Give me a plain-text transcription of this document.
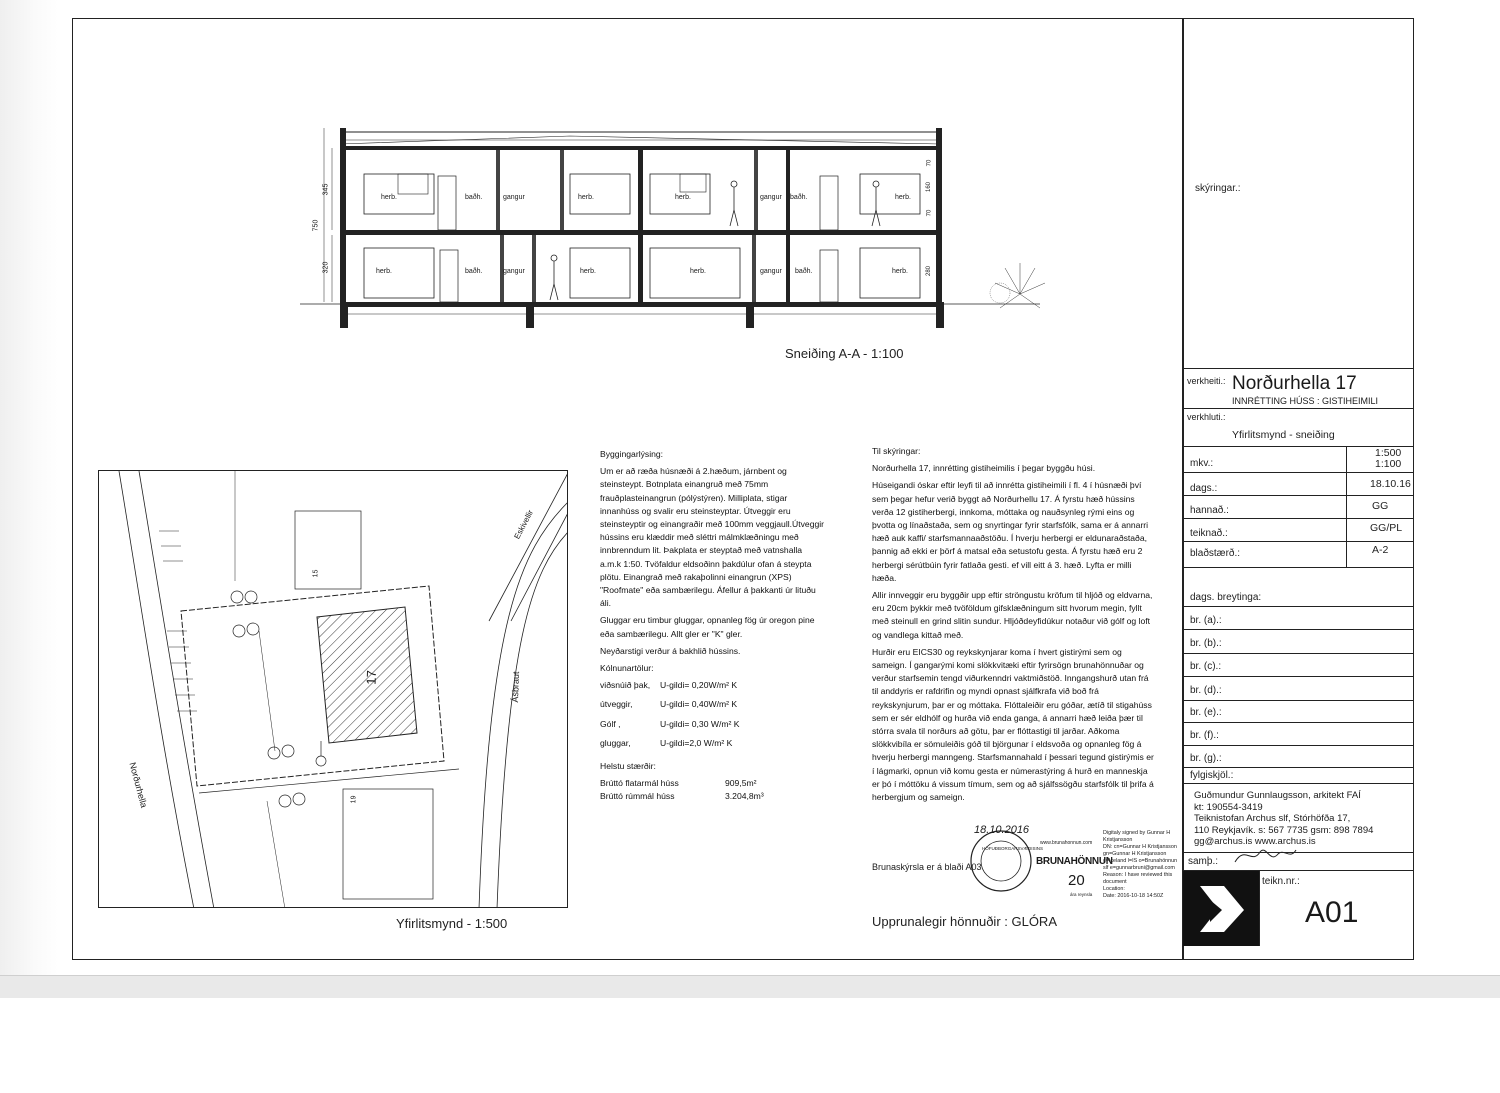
herb.	baðh.	gangur	herb.	herb.	gangur baðh.	herb.
herb.	baðh.	gangur	herb.	herb.	gangur baðh.	herb.
750
345
320
70
160
70
280
Sneiðing A-A - 1:100
Eskivellir
Ásbraut
Norðurhella
15
17
19
Yfirlitsmynd - 1:500

Byggingarlýsing:

Um er að ræða húsnæði á 2.hæðum, járnbent og steinsteypt. Botnplata einangruð með 75mm frauðplasteinangrun (pólýstýren). Milliplata, stigar innanhúss og svalir eru steinsteyptar. Útveggir eru steinsteyptir og einangraðir með 100mm veggjaull.Útveggir hússins eru klæddir með sléttri málmklæðningu með innbrenndum lit. Þakplata er steyptað með vatnshalla a.m.k 1:50. Tvöfaldur eldsoðinn þakdúlur ofan á steypta plötu. Einangrað með rakaþolinni einangrun (XPS) "Roofmate" eða sambærilegu. Áfellur á þakkanti úr lituðu áli.

Gluggar eru timbur gluggar, opnanleg fög úr oregon pine eða sambærilegu. Allt gler er "K" gler.

Neyðarstigi verður á bakhlið hússins.

Kólnunartölur:

viðsnúið þak,	U-gildi= 0,20W/m² K
útveggir,	U-gildi= 0,40W/m² K
Gólf ,	U-gildi= 0,30 W/m² K
gluggar,	U-gildi=2,0 W/m² K

Helstu stærðir:

Brúttó flatarmál húss	909,5m²
Brúttó rúmmál húss	3.204,8m³

Til skýringar:

Norðurhella 17, innrétting gistiheimilis í þegar byggðu húsi.

Húseigandi óskar eftir leyfi til að innrétta gistiheimili í fl. 4 í húsnæði því sem þegar hefur verið byggt að Norðurhellu 17. Á fyrstu hæð hússins verða 12 gistiherbergi, innkoma, móttaka og nauðsynleg rými eins og þvotta og línaðstaða, sem og snyrtingar fyrir starfsfólk, sama er á annarri hæð auk kaffi/ starfsmannaaðstöðu. Í hverju herbergi er eldunaraðstaða, þannig að ekki er þörf á matsal eða setustofu gesta. Á fyrstu hæð eru 2 herbergi sérútbúin fyrir fatlaða gesti. ef vill eitt á 3. hæð. Lyfta er milli hæða.

Allir innveggir eru byggðir upp eftir ströngustu kröfum til hljóð og eldvarna, eru 20cm þykkir með tvöföldum gifsklæðningum sitt hvorum megin, fyllt með steinull en grind slitin sundur. Hljóðdeyfidúkur notaður við gólf og loft og vandlega kittað með.

Hurðir eru EICS30 og reykskynjarar koma í hvert gistirými sem og sameign. Í gangarými komi slökkvitæki eftir fyrirsögn brunahönnuðar og verður starfsemin tengd viðurkenndri vaktmiðstöð. Inngangshurð utan frá til anddyris er rafdrifin og myndi opnast sjálfkrafa við boð frá reykskynjurum, þar er og móttaka. Flóttaleiðir eru góðar, ætíð til stigahúss sem er sér eldhólf og hurða við enda ganga, á annarri hæð leiða þær til stórra svala til norðurs að götu, þar er flóttastigi til jarðar. Aðkoma slökkvibíla er sömuleiðis góð til björgunar í eldsvoða og opnanleg fög á hverju herbergi manngeng. Starfsmannahald í þessari tegund gistirýmis er í lágmarki, opnun við komu gesta er númerastýring á hurð en manneskja er þó í móttöku á vissum tímum, sem og að sjálfssögðu starfsfólk til þrifa á herbergjum og sameign.

Brunaskýrsla er á blaði A03
Upprunalegir hönnuðir : GLÓRA
18.10.2016
HÖFUÐBORGARSVÆÐISINS
www.brunahonnun.com
BRUNAHÖNNUN
20
ára reynsla
Digitaly signed by Gunnar H Kristjansson
DN: cn=Gunnar H Kristjansson gn=Gunnar H Kristjansson c=Iceland l=IS o=Brunahönnun slf e=gunnarbruni@gmail.com
Reason: I have reviewed this document
Location:
Date: 2016-10-18 14:50Z
skýringar.:
verkheiti.: Norðurhella 17
INNRÉTTING HÚSS : GISTIHEIMILI
verkhluti.:
Yfirlitsmynd - sneiðing
mkv.:
1:500
1:100
dags.:	18.10.16
hannað.:	GG
teiknað.:	GG/PL
blaðstærð.:	A-2
dags. breytinga:
br. (a).:
br. (b).:
br. (c).:
br. (d).:
br. (e).:
br. (f).:
br. (g).:
fylgiskjöl.:
Guðmundur Gunnlaugsson, arkitekt FAÍ
kt: 190554-3419
Teiknistofan Archus slf, Stórhöfða 17,
110 Reykjavík. s: 567 7735 gsm: 898 7894
gg@archus.is www.archus.is
samþ.:
teikn.nr.:
A01
